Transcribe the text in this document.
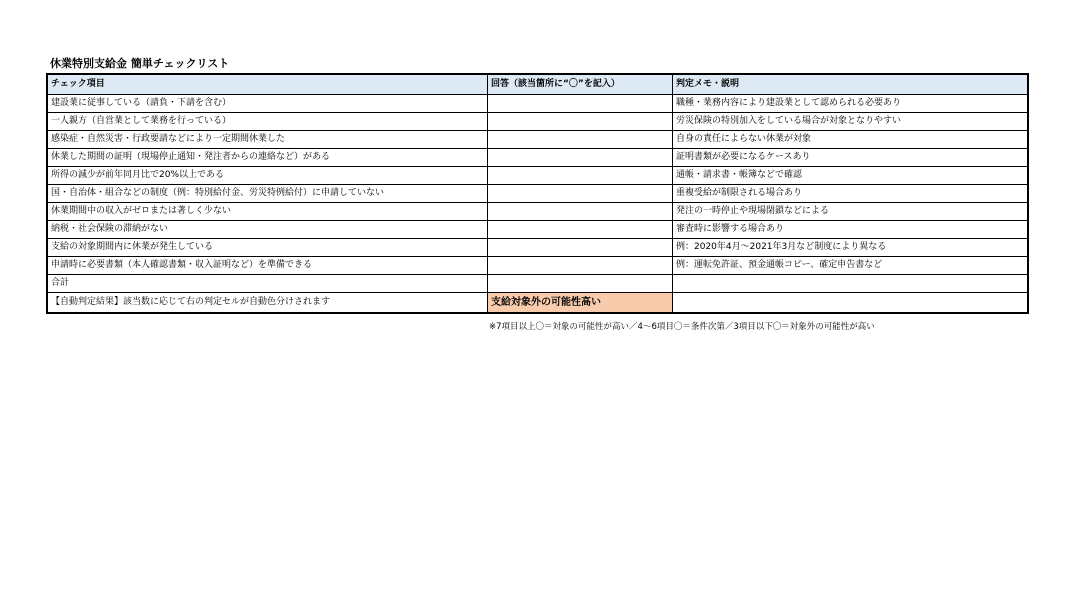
休業特別支給金 簡単チェックリスト
チェック項目	回答（該当箇所に“〇”を記入）	判定メモ・説明
建設業に従事している（請負・下請を含む）		職種・業務内容により建設業として認められる必要あり
一人親方（自営業として業務を行っている）		労災保険の特別加入をしている場合が対象となりやすい
感染症・自然災害・行政要請などにより一定期間休業した		自身の責任によらない休業が対象
休業した期間の証明（現場停止通知・発注者からの連絡など）がある		証明書類が必要になるケースあり
所得の減少が前年同月比で20%以上である		通帳・請求書・帳簿などで確認
国・自治体・組合などの制度（例：特別給付金、労災特例給付）に申請していない		重複受給が制限される場合あり
休業期間中の収入がゼロまたは著しく少ない		発注の一時停止や現場閉鎖などによる
納税・社会保険の滞納がない		審査時に影響する場合あり
支給の対象期間内に休業が発生している		例：2020年4月～2021年3月など制度により異なる
申請時に必要書類（本人確認書類・収入証明など）を準備できる		例：運転免許証、預金通帳コピー、確定申告書など
合計		
【自動判定結果】該当数に応じて右の判定セルが自動色分けされます	支給対象外の可能性高い	
※7項目以上〇＝対象の可能性が高い／4～6項目〇＝条件次第／3項目以下〇＝対象外の可能性が高い
